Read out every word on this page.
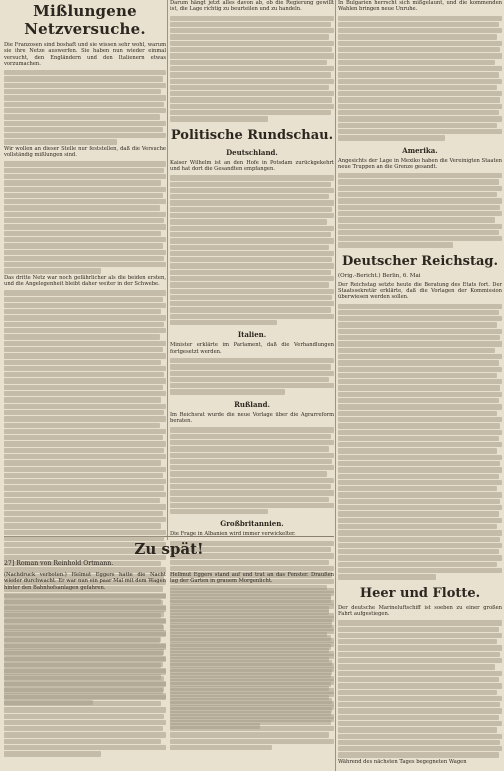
Mißlungene Netzversuche.

Die Franzosen sind boshaft und sie wissen sehr wohl, warum sie ihre Netze auswerfen. Sie haben nun wieder einmal versucht, den Engländern und den Italienern etwas vorzumachen.

Wir wollen an dieser Stelle nur feststellen, daß die Versuche vollständig mißlungen sind.

Das dritte Netz war noch gefährlicher als die beiden ersten, und die Angelegenheit bleibt daher weiter in der Schwebe.

Darum hängt jetzt alles davon ab, ob die Regierung gewillt ist, die Lage richtig zu beurteilen und zu handeln.

Politische Rundschau.
Deutschland.

Kaiser Wilhelm ist an den Hofe in Potsdam zurückgekehrt und hat dort die Gesandten empfangen.

Italien.

Minister erklärte im Parlament, daß die Verhandlungen fortgesetzt werden.

Rußland.

Im Reichsrat wurde die neue Vorlage über die Agrarreform beraten.

Großbritannien.

Die Frage in Albanien wird immer verwickelter.

In Bulgarien herrscht sich mißgelaunt, und die kommenden Wahlen bringen neue Unruhe.

Amerika.

Angesichts der Lage in Mexiko haben die Vereinigten Staaten neue Truppen an die Grenze gesandt.

Deutscher Reichstag.
(Orig.-Bericht.) Berlin, 6. Mai

Der Reichstag setzte heute die Beratung des Etats fort. Der Staatssekretär erklärte, daß die Vorlagen der Kommission überwiesen werden sollen.

Heer und Flotte.

Der deutsche Marineluftschiff ist soeben zu einer großen Fahrt aufgestiegen.

Während des nächsten Tages begegneten Wagen

Zu spät!
27] Roman von Reinhold Ortmann.

(Nachdruck verboten.) Helmut Eggers hatte die Nacht wieder durchwacht. Er war nun ein paar Mal mit dem Wagen hinter den Bahnhofsanlagen gefahren.

Hellmut Eggers stand auf und trat an das Fenster. Draußen lag der Garten in grauem Morgenlicht.
